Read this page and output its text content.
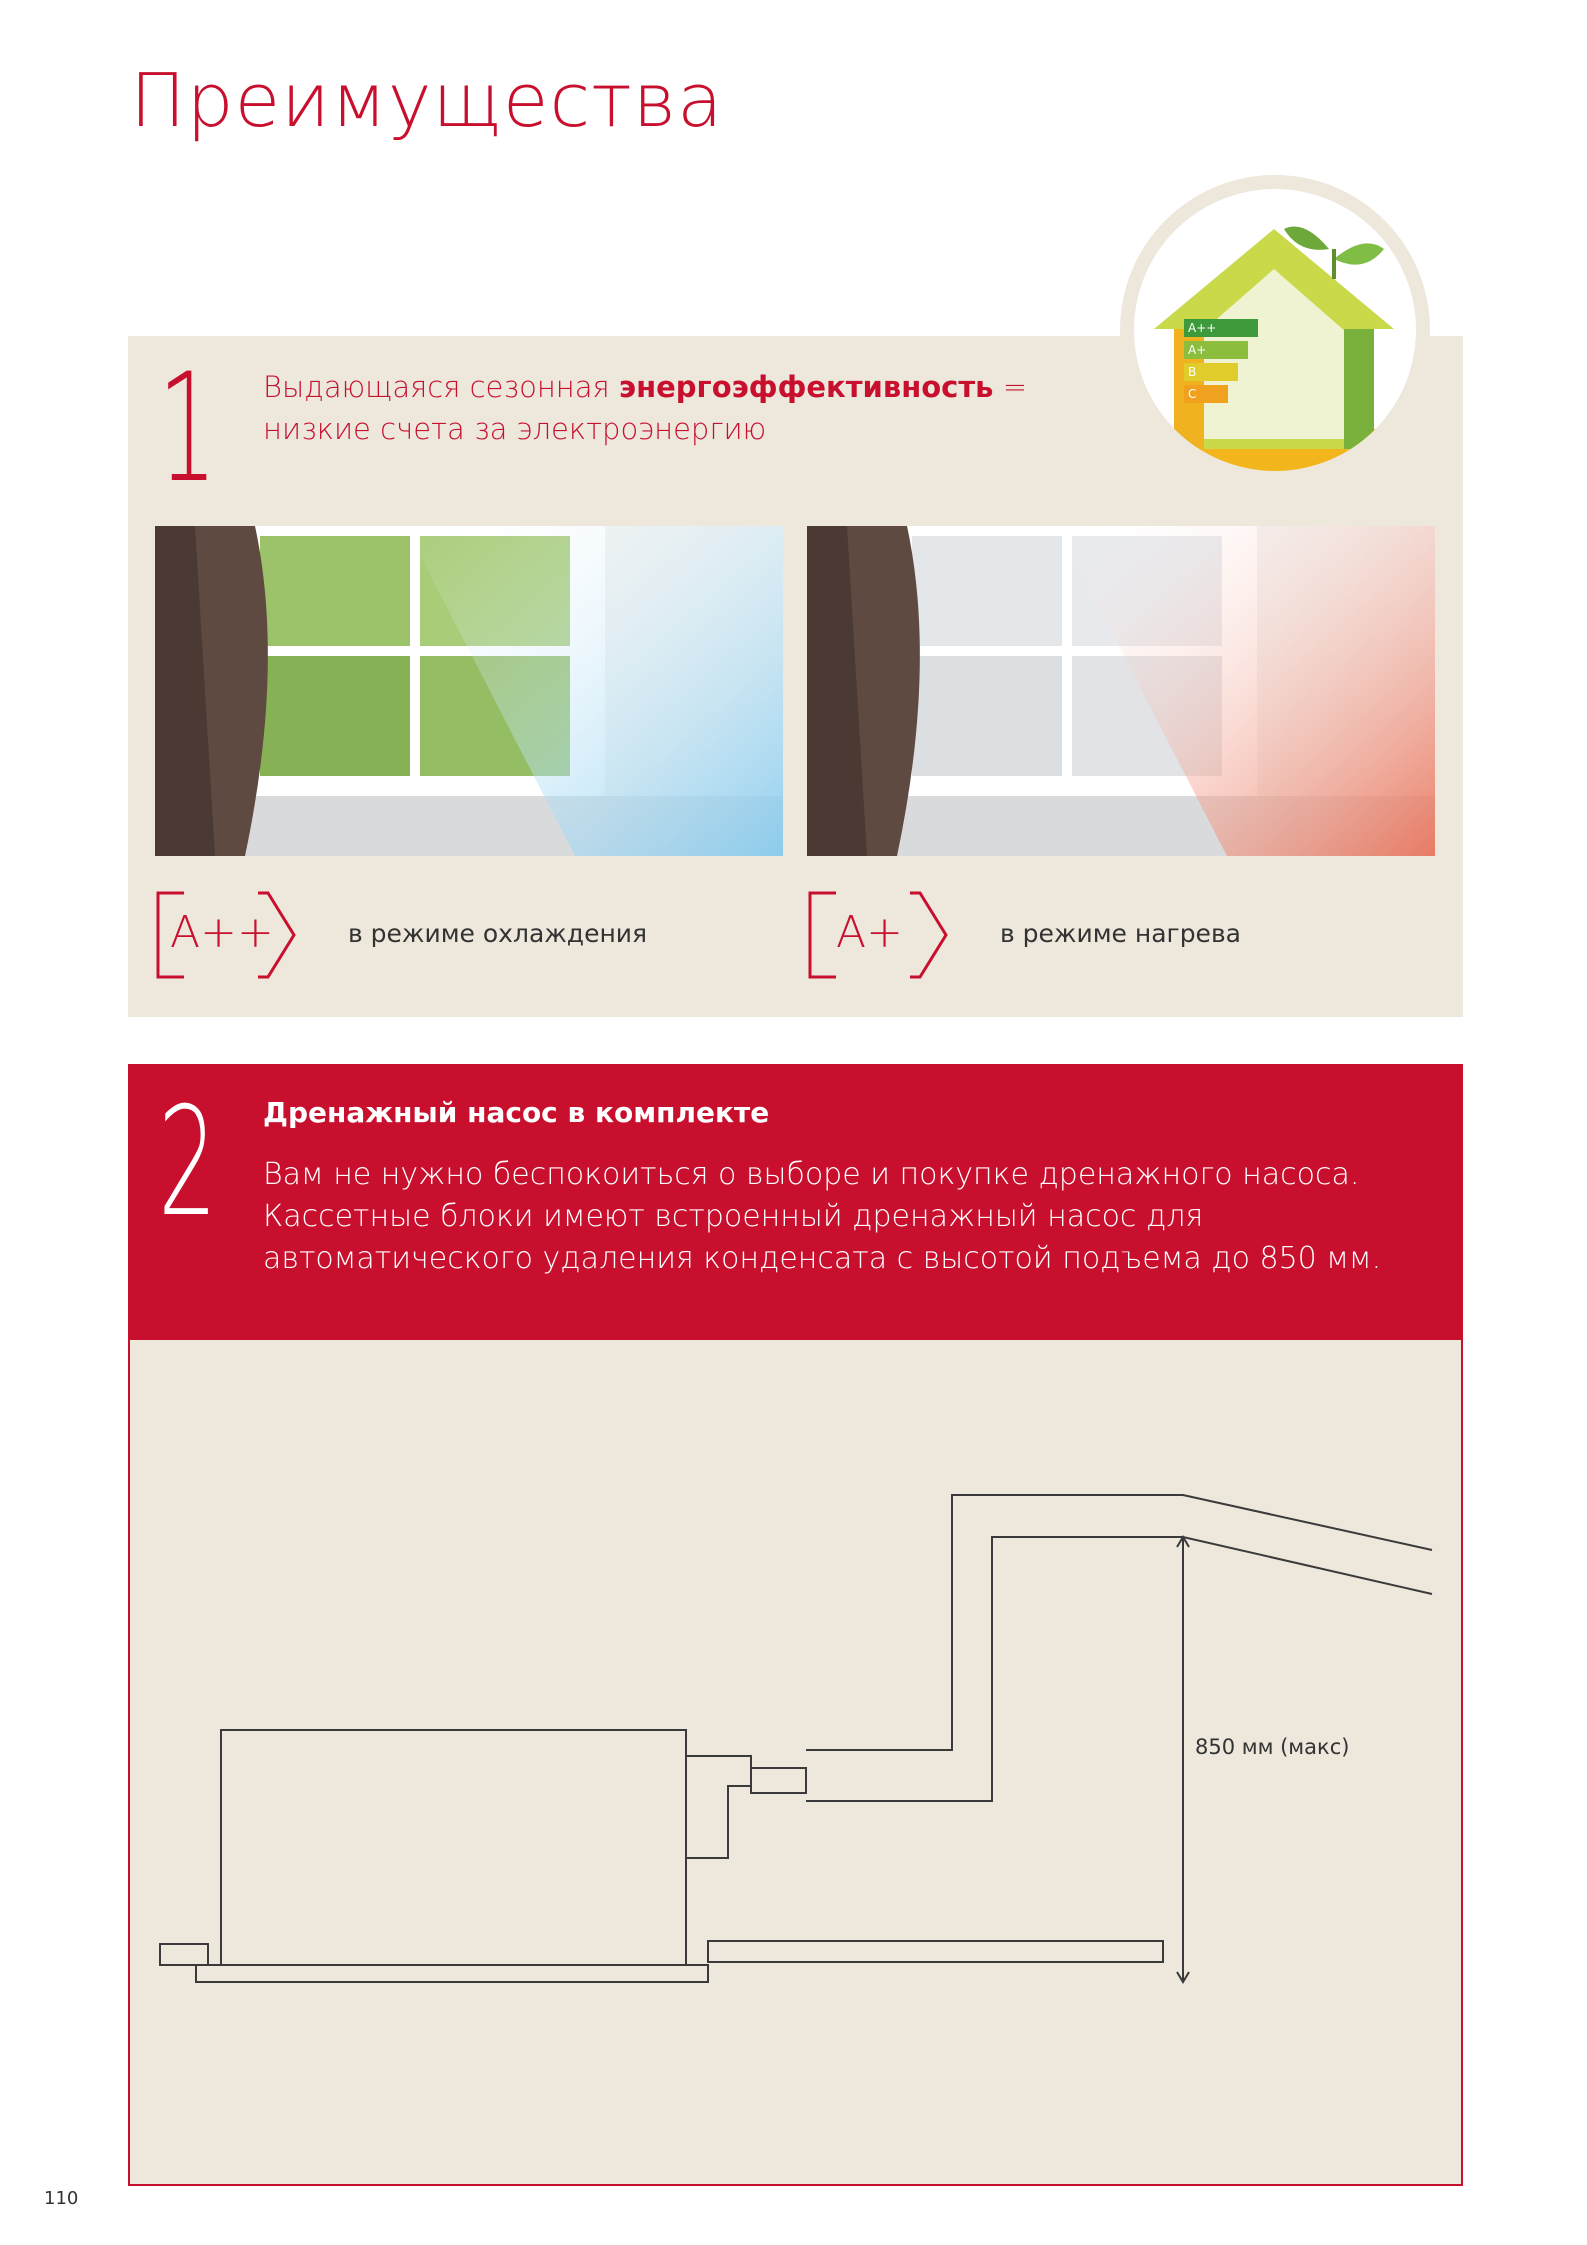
Преимущества
1 Выдающаяся сезонная энергоэффективность =
низкие счета за электроэнергию
A++	в режиме охлаждения	A+	в режиме нагрева
A++
A+
B
C
2 Дренажный насос в комплекте
Вам не нужно беспокоиться о выборе и покупке дренажного насоса. Кассетные блоки имеют встроенный дренажный насос для автоматического удаления конденсата с высотой подъема до 850 мм.
850 мм (макс)
110
